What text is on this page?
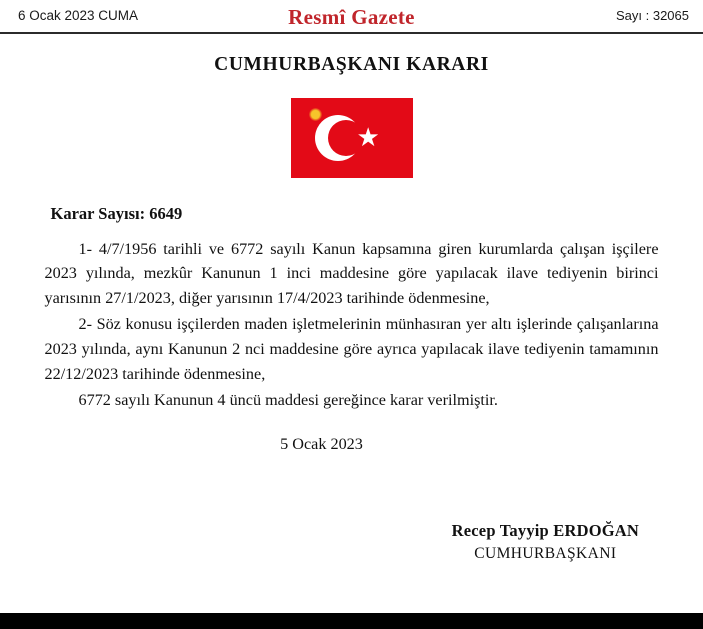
6 Ocak 2023 CUMA	Resmî Gazete	Sayı : 32065
CUMHURBAŞKANI KARARI
Karar Sayısı: 6649
1- 4/7/1956 tarihli ve 6772 sayılı Kanun kapsamına giren kurumlarda çalışan işçilere 2023 yılında, mezkûr Kanunun 1 inci maddesine göre yapılacak ilave tediyenin birinci yarısının 27/1/2023, diğer yarısının 17/4/2023 tarihinde ödenmesine,
2- Söz konusu işçilerden maden işletmelerinin münhasıran yer altı işlerinde çalışanlarına 2023 yılında, aynı Kanunun 2 nci maddesine göre ayrıca yapılacak ilave tediyenin tamamının 22/12/2023 tarihinde ödenmesine,
6772 sayılı Kanunun 4 üncü maddesi gereğince karar verilmiştir.
5 Ocak 2023
Recep Tayyip ERDOĞAN
CUMHURBAŞKANI
